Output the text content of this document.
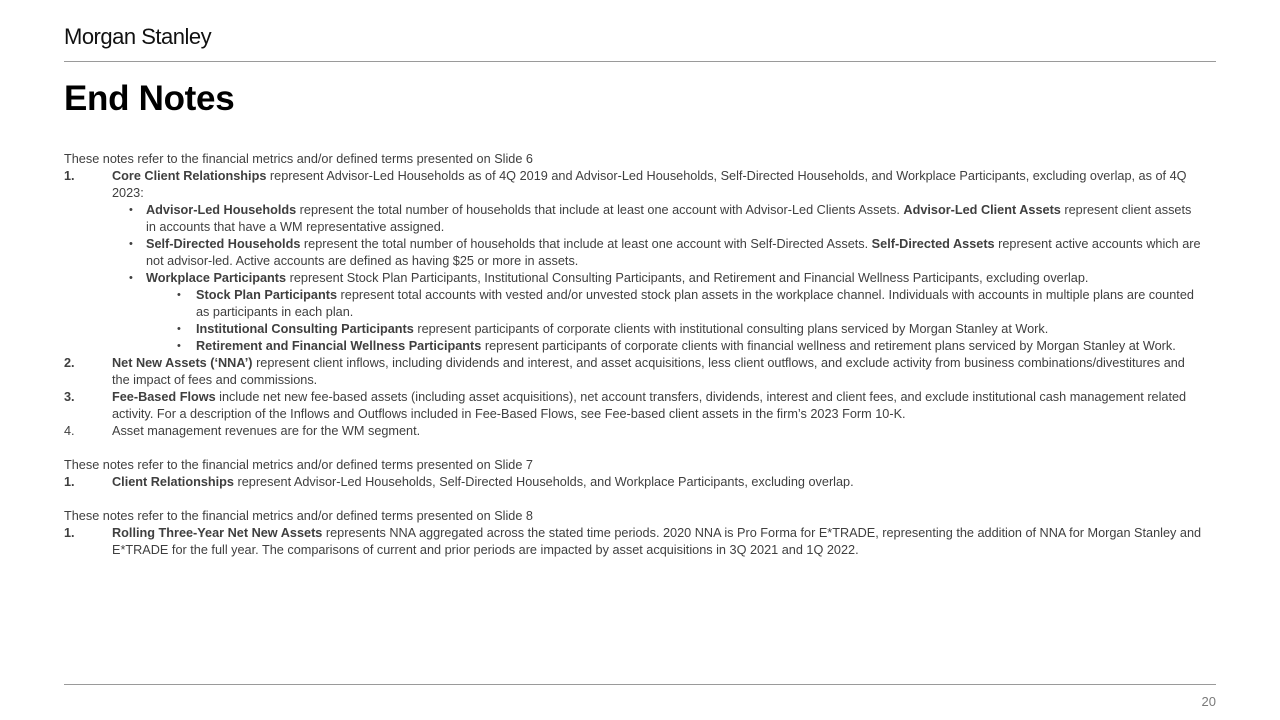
Morgan Stanley
End Notes

These notes refer to the financial metrics and/or defined terms presented on Slide 6

1.	Core Client Relationships represent Advisor-Led Households as of 4Q 2019 and Advisor-Led Households, Self-Directed Households, and Workplace Participants, excluding overlap, as of 4Q 2023:
• Advisor-Led Households represent the total number of households that include at least one account with Advisor-Led Clients Assets. Advisor-Led Client Assets represent client assets in accounts that have a WM representative assigned.
• Self-Directed Households represent the total number of households that include at least one account with Self-Directed Assets. Self-Directed Assets represent active accounts which are not advisor-led. Active accounts are defined as having $25 or more in assets.
• Workplace Participants represent Stock Plan Participants, Institutional Consulting Participants, and Retirement and Financial Wellness Participants, excluding overlap.
• Stock Plan Participants represent total accounts with vested and/or unvested stock plan assets in the workplace channel. Individuals with accounts in multiple plans are counted as participants in each plan.
• Institutional Consulting Participants represent participants of corporate clients with institutional consulting plans serviced by Morgan Stanley at Work.
• Retirement and Financial Wellness Participants represent participants of corporate clients with financial wellness and retirement plans serviced by Morgan Stanley at Work.
2.	Net New Assets (‘NNA’) represent client inflows, including dividends and interest, and asset acquisitions, less client outflows, and exclude activity from business combinations/divestitures and the impact of fees and commissions.
3.	Fee-Based Flows include net new fee-based assets (including asset acquisitions), net account transfers, dividends, interest and client fees, and exclude institutional cash management related activity. For a description of the Inflows and Outflows included in Fee-Based Flows, see Fee-based client assets in the firm’s 2023 Form 10-K.
4.	Asset management revenues are for the WM segment.

These notes refer to the financial metrics and/or defined terms presented on Slide 7

1.	Client Relationships represent Advisor-Led Households, Self-Directed Households, and Workplace Participants, excluding overlap.

These notes refer to the financial metrics and/or defined terms presented on Slide 8

1.	Rolling Three-Year Net New Assets represents NNA aggregated across the stated time periods. 2020 NNA is Pro Forma for E*TRADE, representing the addition of NNA for Morgan Stanley and E*TRADE for the full year. The comparisons of current and prior periods are impacted by asset acquisitions in 3Q 2021 and 1Q 2022.
20
